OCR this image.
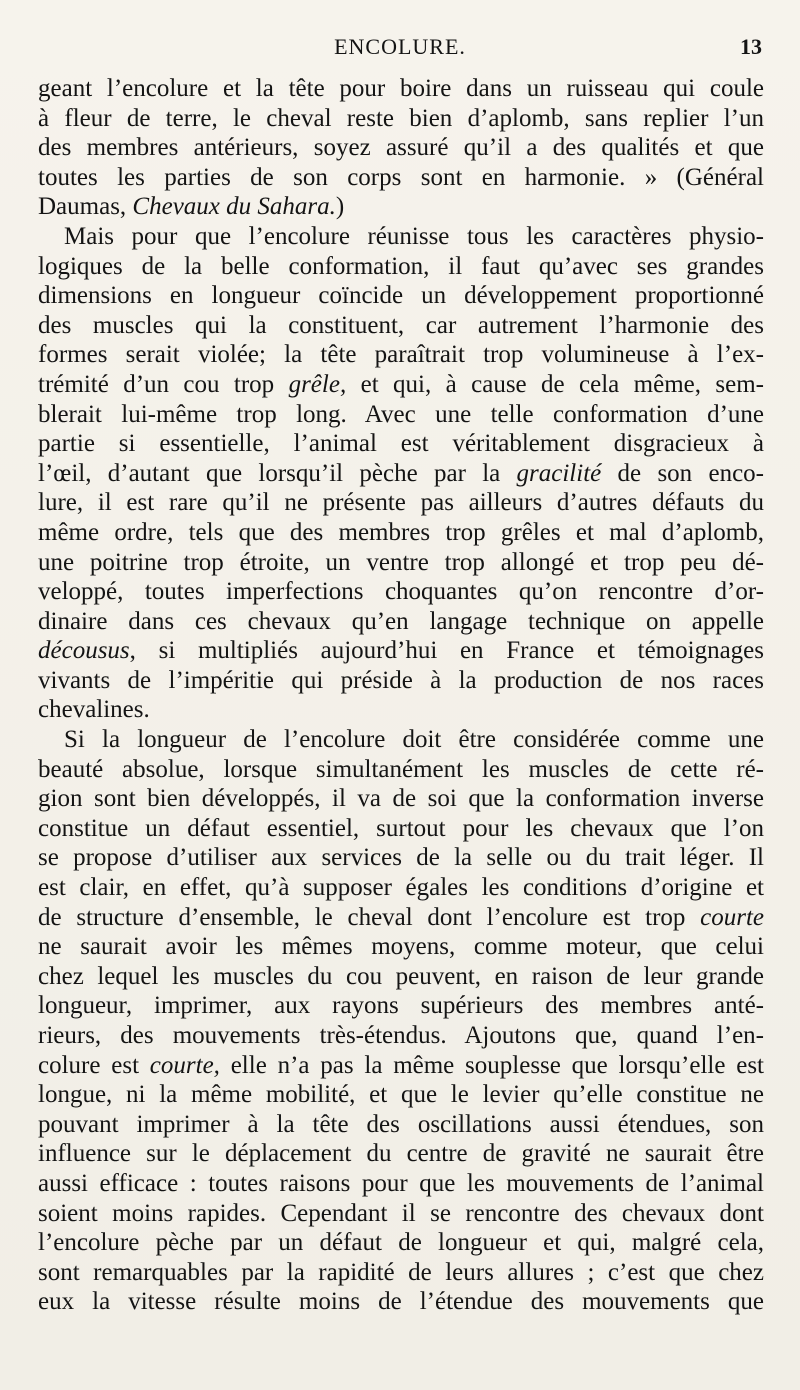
ENCOLURE.	13
geant l’encolure et la tête pour boire dans un ruisseau qui coule
à fleur de terre, le cheval reste bien d’aplomb, sans replier l’un
des membres antérieurs, soyez assuré qu’il a des qualités et que
toutes les parties de son corps sont en harmonie. » (Général
Daumas, Chevaux du Sahara.)
Mais pour que l’encolure réunisse tous les caractères physio-
logiques de la belle conformation, il faut qu’avec ses grandes
dimensions en longueur coïncide un développement proportionné
des muscles qui la constituent, car autrement l’harmonie des
formes serait violée; la tête paraîtrait trop volumineuse à l’ex-
trémité d’un cou trop grêle, et qui, à cause de cela même, sem-
blerait lui-même trop long. Avec une telle conformation d’une
partie si essentielle, l’animal est véritablement disgracieux à
l’œil, d’autant que lorsqu’il pèche par la gracilité de son enco-
lure, il est rare qu’il ne présente pas ailleurs d’autres défauts du
même ordre, tels que des membres trop grêles et mal d’aplomb,
une poitrine trop étroite, un ventre trop allongé et trop peu dé-
veloppé, toutes imperfections choquantes qu’on rencontre d’or-
dinaire dans ces chevaux qu’en langage technique on appelle
décousus, si multipliés aujourd’hui en France et témoignages
vivants de l’impéritie qui préside à la production de nos races
chevalines.
Si la longueur de l’encolure doit être considérée comme une
beauté absolue, lorsque simultanément les muscles de cette ré-
gion sont bien développés, il va de soi que la conformation inverse
constitue un défaut essentiel, surtout pour les chevaux que l’on
se propose d’utiliser aux services de la selle ou du trait léger. Il
est clair, en effet, qu’à supposer égales les conditions d’origine et
de structure d’ensemble, le cheval dont l’encolure est trop courte
ne saurait avoir les mêmes moyens, comme moteur, que celui
chez lequel les muscles du cou peuvent, en raison de leur grande
longueur, imprimer, aux rayons supérieurs des membres anté-
rieurs, des mouvements très-étendus. Ajoutons que, quand l’en-
colure est courte, elle n’a pas la même souplesse que lorsqu’elle est
longue, ni la même mobilité, et que le levier qu’elle constitue ne
pouvant imprimer à la tête des oscillations aussi étendues, son
influence sur le déplacement du centre de gravité ne saurait être
aussi efficace : toutes raisons pour que les mouvements de l’animal
soient moins rapides. Cependant il se rencontre des chevaux dont
l’encolure pèche par un défaut de longueur et qui, malgré cela,
sont remarquables par la rapidité de leurs allures ; c’est que chez
eux la vitesse résulte moins de l’étendue des mouvements que
